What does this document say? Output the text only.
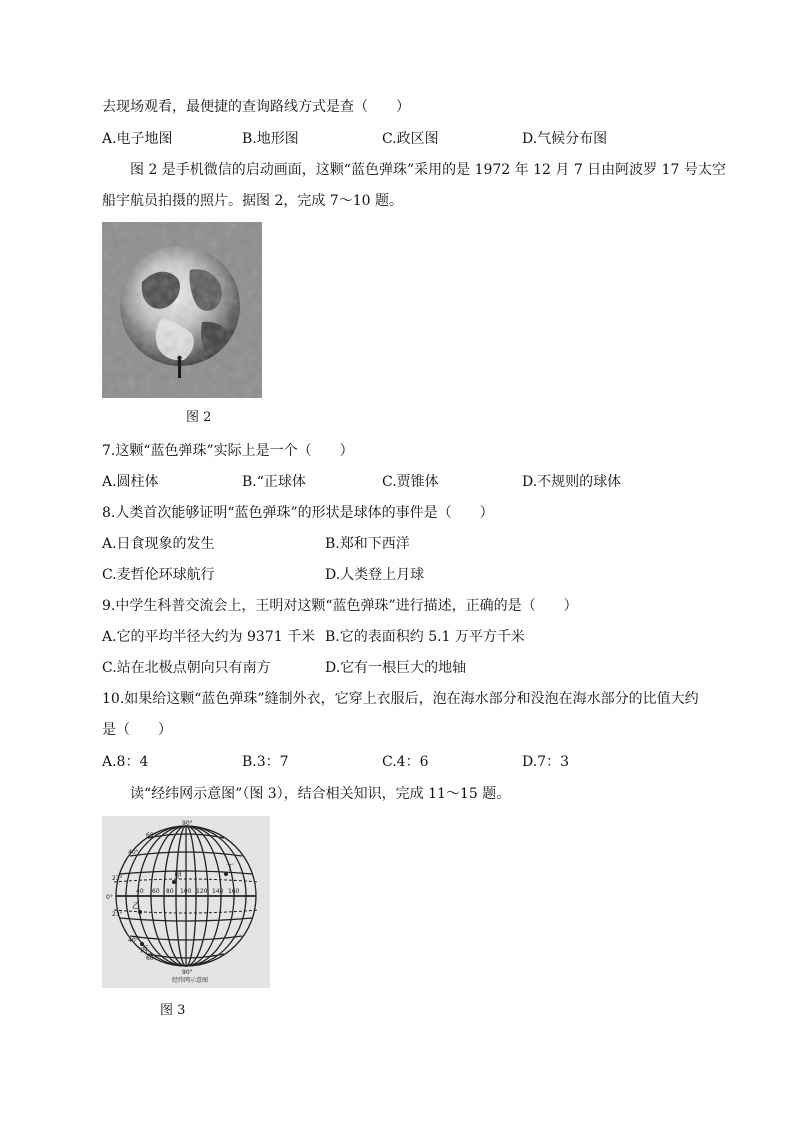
去现场观看，最便捷的查询路线方式是查（　　）
A.电子地图	B.地形图	C.政区图	D.气候分布图
图 2 是手机微信的启动画面，这颗“蓝色弹珠”采用的是 1972 年 12 月 7 日由阿波罗 17 号太空
船宇航员拍摄的照片。据图 2，完成 7～10 题。
图 2
7.这颗“蓝色弹珠”实际上是一个（　　）
A.圆柱体	B.“正球体	C.贾锥体	D.不规则的球体
8.人类首次能够证明“蓝色弹珠”的形状是球体的事件是（　　）
A.日食现象的发生	B.郑和下西洋
C.麦哲伦环球航行	D.人类登上月球
9.中学生科普交流会上，王明对这颗“蓝色弹珠”进行描述，正确的是（　　）
A.它的平均半径大约为 9371 千米 B.它的表面积约 5.1 万平方千米
C.站在北极点朝向只有南方	D.它有一根巨大的地轴
10.如果给这颗“蓝色弹珠”缝制外衣，它穿上衣服后，泡在海水部分和没泡在海水部分的比值大约
是（　　）
A.8：4	B.3：7	C.4：6	D.7：3
读“经纬网示意图”（图 3），结合相关知识，完成 11～15 题。
90°
60°
40°
23°
0°
23°
40°
60°
90°
40 60 80 100 120 140 160
甲
乙
丙
丁
经纬网示意图
图 3
